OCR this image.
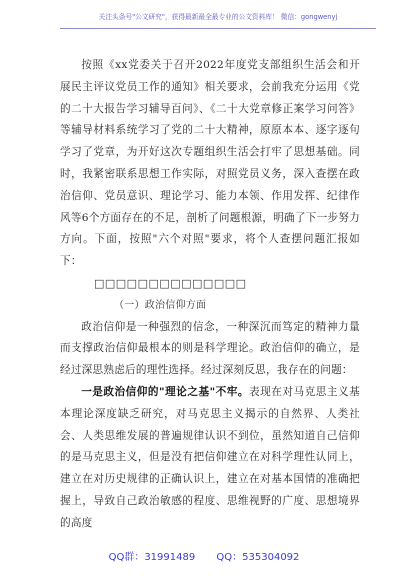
关注头条号"公文研究"，获得最新最全最专业的公文资料库！ 微信：gongwenyj

按照《xx党委关于召开2022年度党支部组织生活会和开展民主评议党员工作的通知》相关要求，会前我充分运用《党的二十大报告学习辅导百问》、《二十大党章修正案学习问答》等辅导材料系统学习了党的二十大精神，原原本本、逐字逐句学习了党章，为开好这次专题组织生活会打牢了思想基础。同时，我紧密联系思想工作实际，对照党员义务，深入查摆在政治信仰、党员意识、理论学习、能力本领、作用发挥、纪律作风等6个方面存在的不足，剖析了问题根源，明确了下一步努力方向。下面，按照"六个对照"要求，将个人查摆问题汇报如下：

□□□□□□□□□□□□□□

（一）政治信仰方面

政治信仰是一种强烈的信念，一种深沉而笃定的精神力量而支撑政治信仰最根本的则是科学理论。政治信仰的确立，是经过深思熟虑后的理性选择。经过深刻反思，我存在的问题：

一是政治信仰的"理论之基"不牢。表现在对马克思主义基本理论深度缺乏研究，对马克思主义揭示的自然界、人类社会、人类思维发展的普遍规律认识不到位，虽然知道自己信仰的是马克思主义，但是没有把信仰建立在对科学理性认同上，建立在对历史规律的正确认识上，建立在对基本国情的准确把握上，导致自己政治敏感的程度、思维视野的广度、思想境界的高度

QQ群：31991489 QQ：535304092
